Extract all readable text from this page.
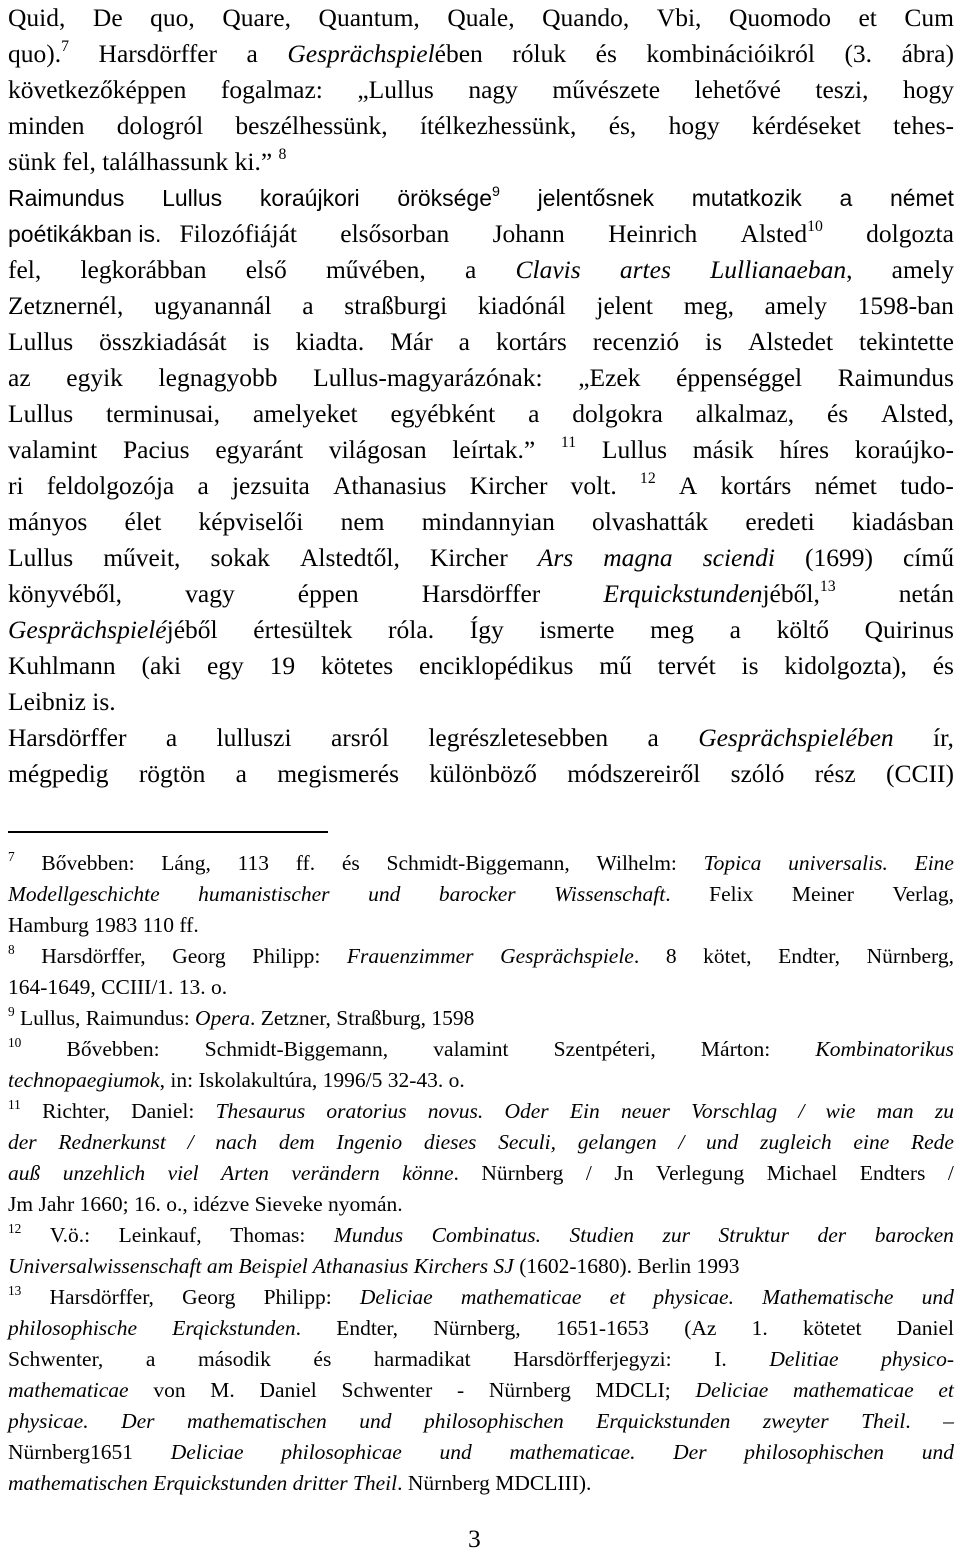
Quid, De quo, Quare, Quantum, Quale, Quando, Vbi, Quomodo et Cum
quo).$^7$ Harsdörffer a Gesprächspielében róluk és kombinációikról (3. ábra)
következőképpen fogalmaz: „Lullus nagy művészete lehetővé teszi, hogy
minden dologról beszélhessünk, ítélkezhessünk, és, hogy kérdéseket tehes-
sünk fel, találhassunk ki.” $^8$
Raimundus Lullus koraújkori öröksége$^9$ jelentősnek mutatkozik a német
poétikákban is. Filozófiáját elsősorban Johann Heinrich Alsted$^{10}$ dolgozta
fel, legkorábban első művében, a Clavis artes Lullianaeban, amely
Zetznernél, ugyanannál a straßburgi kiadónál jelent meg, amely 1598-ban
Lullus összkiadását is kiadta. Már a kortárs recenzió is Alstedet tekintette
az egyik legnagyobb Lullus-magyarázónak: „Ezek éppenséggel Raimundus
Lullus terminusai, amelyeket egyébként a dolgokra alkalmaz, és Alsted,
valamint Pacius egyaránt világosan leírtak.” $^{11}$ Lullus másik híres koraújko-
ri feldolgozója a jezsuita Athanasius Kircher volt. $^{12}$ A kortárs német tudo-
mányos élet képviselői nem mindannyian olvashatták eredeti kiadásban
Lullus műveit, sokak Alstedtől, Kircher Ars magna sciendi (1699) című
könyvéből, vagy éppen Harsdörffer Erquickstundenjéből,$^{13}$ netán
Gesprächspieléjéből értesültek róla. Így ismerte meg a költő Quirinus
Kuhlmann (aki egy 19 kötetes enciklopédikus mű tervét is kidolgozta), és
Leibniz is.
Harsdörffer a lulluszi arsról legrészletesebben a Gesprächspielében ír,
mégpedig rögtön a megismerés különböző módszereiről szóló rész (CCII)
$^7$ Bővebben: Láng, 113 ff. és Schmidt-Biggemann, Wilhelm: Topica universalis. Eine
Modellgeschichte humanistischer und barocker Wissenschaft. Felix Meiner Verlag,
Hamburg 1983 110 ff.
$^8$ Harsdörffer, Georg Philipp: Frauenzimmer Gesprächspiele. 8 kötet, Endter, Nürnberg,
164-1649, CCIII/1. 13. o.
$^9$ Lullus, Raimundus: Opera. Zetzner, Straßburg, 1598
$^{10}$ Bővebben: Schmidt-Biggemann, valamint Szentpéteri, Márton: Kombinatorikus
technopaegiumok, in: Iskolakultúra, 1996/5 32-43. o.
$^{11}$ Richter, Daniel: Thesaurus oratorius novus. Oder Ein neuer Vorschlag / wie man zu
der Rednerkunst / nach dem Ingenio dieses Seculi, gelangen / und zugleich eine Rede
auß unzehlich viel Arten verändern könne. Nürnberg / Jn Verlegung Michael Endters /
Jm Jahr 1660; 16. o., idézve Sieveke nyomán.
$^{12}$ V.ö.: Leinkauf, Thomas: Mundus Combinatus. Studien zur Struktur der barocken
Universalwissenschaft am Beispiel Athanasius Kirchers SJ (1602-1680). Berlin 1993
$^{13}$ Harsdörffer, Georg Philipp: Deliciae mathematicae et physicae. Mathematische und
philosophische Erqickstunden. Endter, Nürnberg, 1651-1653 (Az 1. kötetet Daniel
Schwenter, a második és harmadikat Harsdörfferjegyzi: I. Delitiae physico-
mathematicae von M. Daniel Schwenter - Nürnberg MDCLI; Deliciae mathematicae et
physicae. Der mathematischen und philosophischen Erquickstunden zweyter Theil. –
Nürnberg1651 Deliciae philosophicae und mathematicae. Der philosophischen und
mathematischen Erquickstunden dritter Theil. Nürnberg MDCLIII).
3
